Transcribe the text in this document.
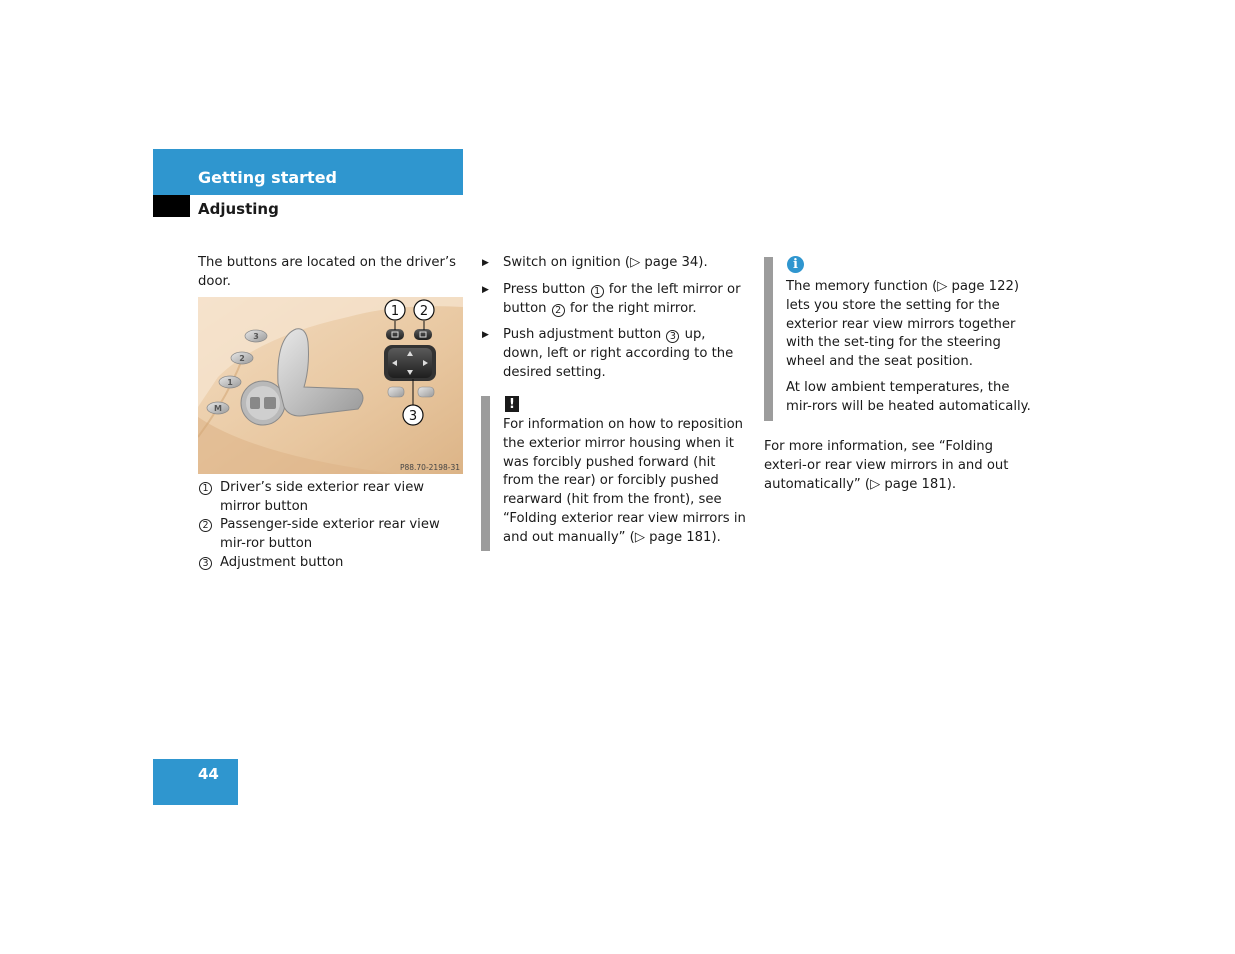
Getting started
Adjusting
The buttons are located on the driver’s door.
3
2
1
M
1 2
3
P88.70-2198-31
1 Driver’s side exterior rear view mirror button
2 Passenger-side exterior rear view mir-ror button
3 Adjustment button
▶	Switch on ignition (▷ page 34).
▶	Press button 1 for the left mirror or button 2 for the right mirror.
▶	Push adjustment button 3 up, down, left or right according to the desired setting.
!
For information on how to reposition the exterior mirror housing when it was forcibly pushed forward (hit from the rear) or forcibly pushed rearward (hit from the front), see “Folding exterior rear view mirrors in and out manually” (▷ page 181).
i
The memory function (▷ page 122) lets you store the setting for the exterior rear view mirrors together with the set-ting for the steering wheel and the seat position.
At low ambient temperatures, the mir-rors will be heated automatically.
For more information, see “Folding exteri-or rear view mirrors in and out automatically” (▷ page 181).
44
